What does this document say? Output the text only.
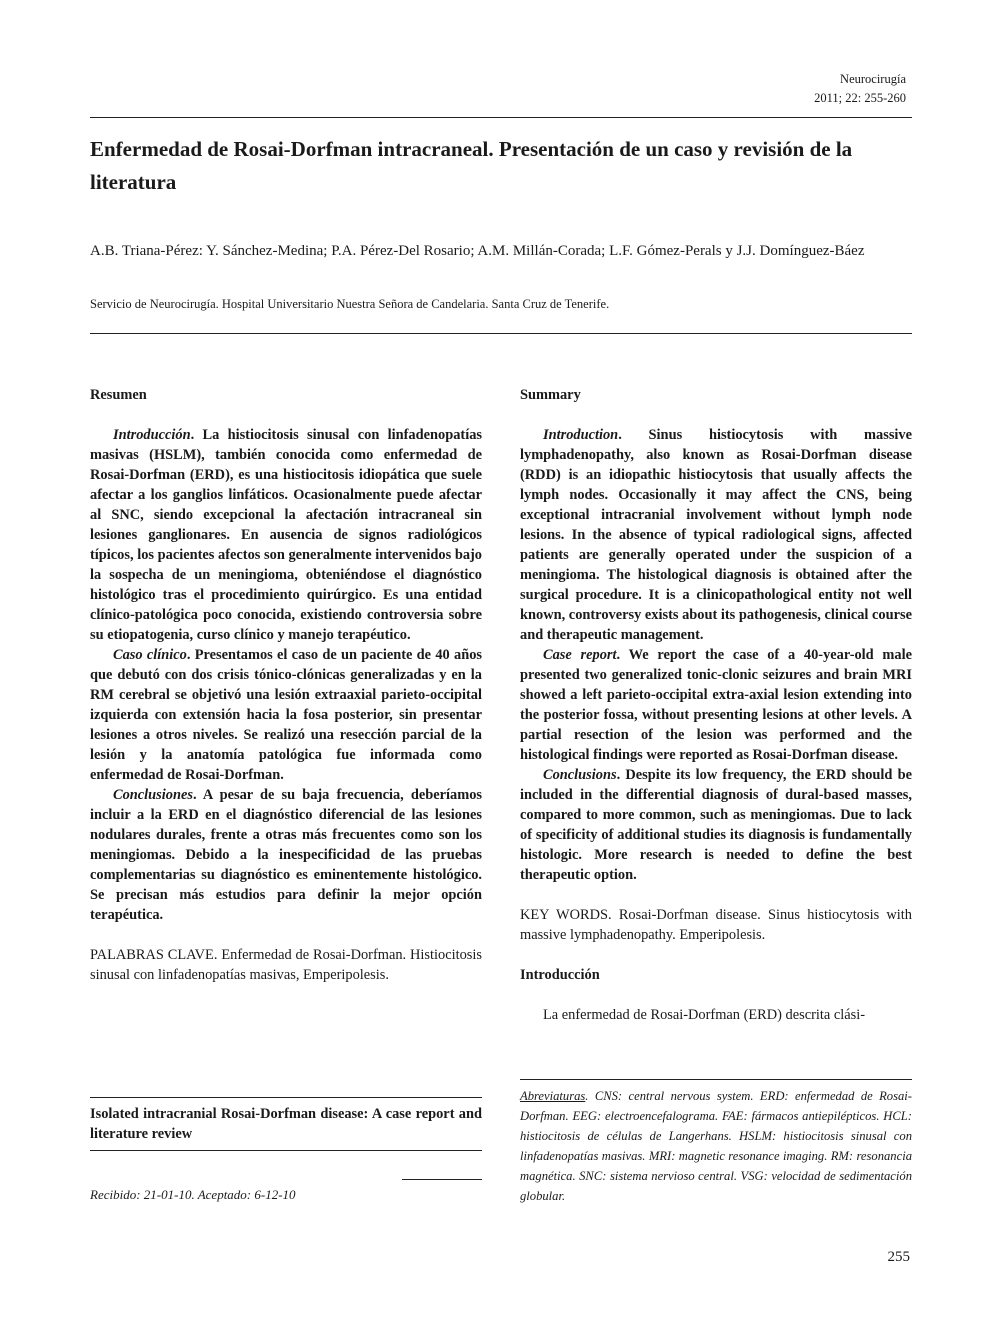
Neurocirugía
2011; 22: 255-260
Enfermedad de Rosai-Dorfman intracraneal. Presentación de un caso y revisión de la literatura
A.B. Triana-Pérez: Y. Sánchez-Medina; P.A. Pérez-Del Rosario; A.M. Millán-Corada; L.F. Gómez-Perals y J.J. Domínguez-Báez
Servicio de Neurocirugía. Hospital Universitario Nuestra Señora de Candelaria. Santa Cruz de Tenerife.
Resumen

Introducción. La histiocitosis sinusal con linfadenopatías masivas (HSLM), también conocida como enfermedad de Rosai-Dorfman (ERD), es una histiocitosis idiopática que suele afectar a los ganglios linfáticos. Ocasionalmente puede afectar al SNC, siendo excepcional la afectación intracraneal sin lesiones ganglionares. En ausencia de signos radiológicos típicos, los pacientes afectos son generalmente intervenidos bajo la sospecha de un meningioma, obteniéndose el diagnóstico histológico tras el procedimiento quirúrgico. Es una entidad clínico-patológica poco conocida, existiendo controversia sobre su etiopatogenia, curso clínico y manejo terapéutico.

Caso clínico. Presentamos el caso de un paciente de 40 años que debutó con dos crisis tónico-clónicas generalizadas y en la RM cerebral se objetivó una lesión extraaxial parieto-occipital izquierda con extensión hacia la fosa posterior, sin presentar lesiones a otros niveles. Se realizó una resección parcial de la lesión y la anatomía patológica fue informada como enfermedad de Rosai-Dorfman.

Conclusiones. A pesar de su baja frecuencia, deberíamos incluir a la ERD en el diagnóstico diferencial de las lesiones nodulares durales, frente a otras más frecuentes como son los meningiomas. Debido a la inespecificidad de las pruebas complementarias su diagnóstico es eminentemente histológico. Se precisan más estudios para definir la mejor opción terapéutica.

PALABRAS CLAVE. Enfermedad de Rosai-Dorfman. Histiocitosis sinusal con linfadenopatías masivas, Emperipolesis.
Isolated intracranial Rosai-Dorfman disease: A case report and literature review
Recibido: 21-01-10. Aceptado: 6-12-10
Summary

Introduction. Sinus histiocytosis with massive lymphadenopathy, also known as Rosai-Dorfman disease (RDD) is an idiopathic histiocytosis that usually affects the lymph nodes. Occasionally it may affect the CNS, being exceptional intracranial involvement without lymph node lesions. In the absence of typical radiological signs, affected patients are generally operated under the suspicion of a meningioma. The histological diagnosis is obtained after the surgical procedure. It is a clinicopathological entity not well known, controversy exists about its pathogenesis, clinical course and therapeutic management.

Case report. We report the case of a 40-year-old male presented two generalized tonic-clonic seizures and brain MRI showed a left parieto-occipital extra-axial lesion extending into the posterior fossa, without presenting lesions at other levels. A partial resection of the lesion was performed and the histological findings were reported as Rosai-Dorfman disease.

Conclusions. Despite its low frequency, the ERD should be included in the differential diagnosis of dural-based masses, compared to more common, such as meningiomas. Due to lack of specificity of additional studies its diagnosis is fundamentally histologic. More research is needed to define the best therapeutic option.

KEY WORDS. Rosai-Dorfman disease. Sinus histiocytosis with massive lymphadenopathy. Emperipolesis.
Introducción

La enfermedad de Rosai-Dorfman (ERD) descrita clási-

Abreviaturas. CNS: central nervous system. ERD: enfermedad de Rosai-Dorfman. EEG: electroencefalograma. FAE: fármacos antiepilépticos. HCL: histiocitosis de células de Langerhans. HSLM: histiocitosis sinusal con linfadenopatías masivas. MRI: magnetic resonance imaging. RM: resonancia magnética. SNC: sistema nervioso central. VSG: velocidad de sedimentación globular.
255
